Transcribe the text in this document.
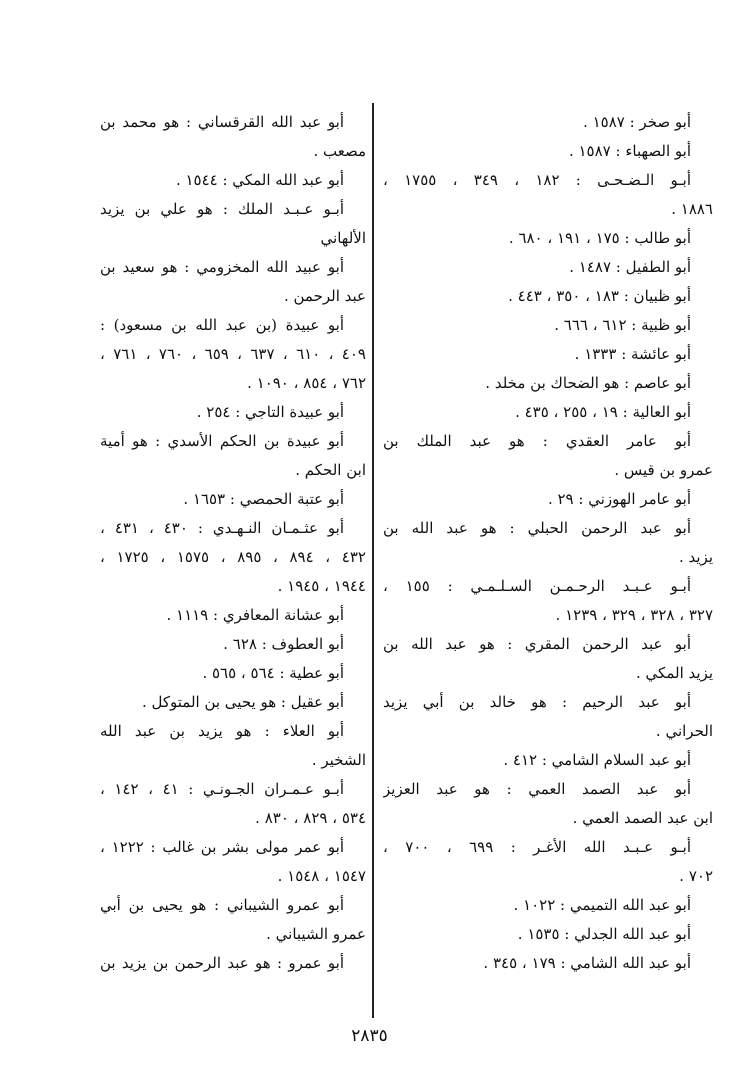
أبو صخر : ١٥٨٧ .
أبو الصهباء : ١٥٨٧ .
أبـو الـضـحـى : ١٨٢ ، ٣٤٩ ، ١٧٥٥ ،
١٨٨٦ .
أبو طالب : ١٧٥ ، ١٩١ ، ٦٨٠ .
أبو الطفيل : ١٤٨٧ .
أبو ظبيان : ١٨٣ ، ٣٥٠ ، ٤٤٣ .
أبو ظبية : ٦١٢ ، ٦٦٦ .
أبو عائشة : ١٣٣٣ .
أبو عاصم : هو الضحاك بن مخلد .
أبو العالية : ١٩ ، ٢٥٥ ، ٤٣٥ .
أبو عامر العقدي : هو عبد الملك بن
عمرو بن قيس .
أبو عامر الهوزني : ٢٩ .
أبو عبد الرحمن الحبلي : هو عبد الله بن
يزيد .
أبـو عـبـد الرحـمـن السـلـمـي : ١٥٥ ،
٣٢٧ ، ٣٢٨ ، ٣٢٩ ، ١٢٣٩ .
أبو عبد الرحمن المقري : هو عبد الله بن
يزيد المكي .
أبو عبد الرحيم : هو خالد بن أبي يزيد
الحراني .
أبو عبد السلام الشامي : ٤١٢ .
أبو عبد الصمد العمي : هو عبد العزيز
ابن عبد الصمد العمي .
أبـو عـبـد الله الأغـر : ٦٩٩ ، ٧٠٠ ،
٧٠٢ .
أبو عبد الله التميمي : ١٠٢٢ .
أبو عبد الله الجدلي : ١٥٣٥ .
أبو عبد الله الشامي : ١٧٩ ، ٣٤٥ .
أبو عبد الله القرقساني : هو محمد بن
مصعب .
أبو عبد الله المكي : ١٥٤٤ .
أبـو عـبـد الملك : هو علي بن يزيد
الألهاني
أبو عبيد الله المخزومي : هو سعيد بن
عبد الرحمن .
أبو عبيدة (بن عبد الله بن مسعود) :
٤٠٩ ، ٦١٠ ، ٦٣٧ ، ٦٥٩ ، ٧٦٠ ، ٧٦١ ،
٧٦٢ ، ٨٥٤ ، ١٠٩٠ .
أبو عبيدة التاجي : ٢٥٤ .
أبو عبيدة بن الحكم الأسدي : هو أمية
ابن الحكم .
أبو عتبة الحمصي : ١٦٥٣ .
أبو عثـمـان النـهـدي : ٤٣٠ ، ٤٣١ ،
٤٣٢ ، ٨٩٤ ، ٨٩٥ ، ١٥٧٥ ، ١٧٢٥ ،
١٩٤٤ ، ١٩٤٥ .
أبو عشانة المعافري : ١١١٩ .
أبو العطوف : ٦٢٨ .
أبو عطية : ٥٦٤ ، ٥٦٥ .
أبو عقيل : هو يحيى بن المتوكل .
أبو العلاء : هو يزيد بن عبد الله
الشخير .
أبـو عـمـران الجـونـي : ٤١ ، ١٤٢ ،
٥٣٤ ، ٨٢٩ ، ٨٣٠ .
أبو عمر مولى بشر بن غالب : ١٢٢٢ ،
١٥٤٧ ، ١٥٤٨ .
أبو عمرو الشيباني : هو يحيى بن أبي
عمرو الشيباني .
أبو عمرو : هو عبد الرحمن بن يزيد بن
٢٨٣٥
